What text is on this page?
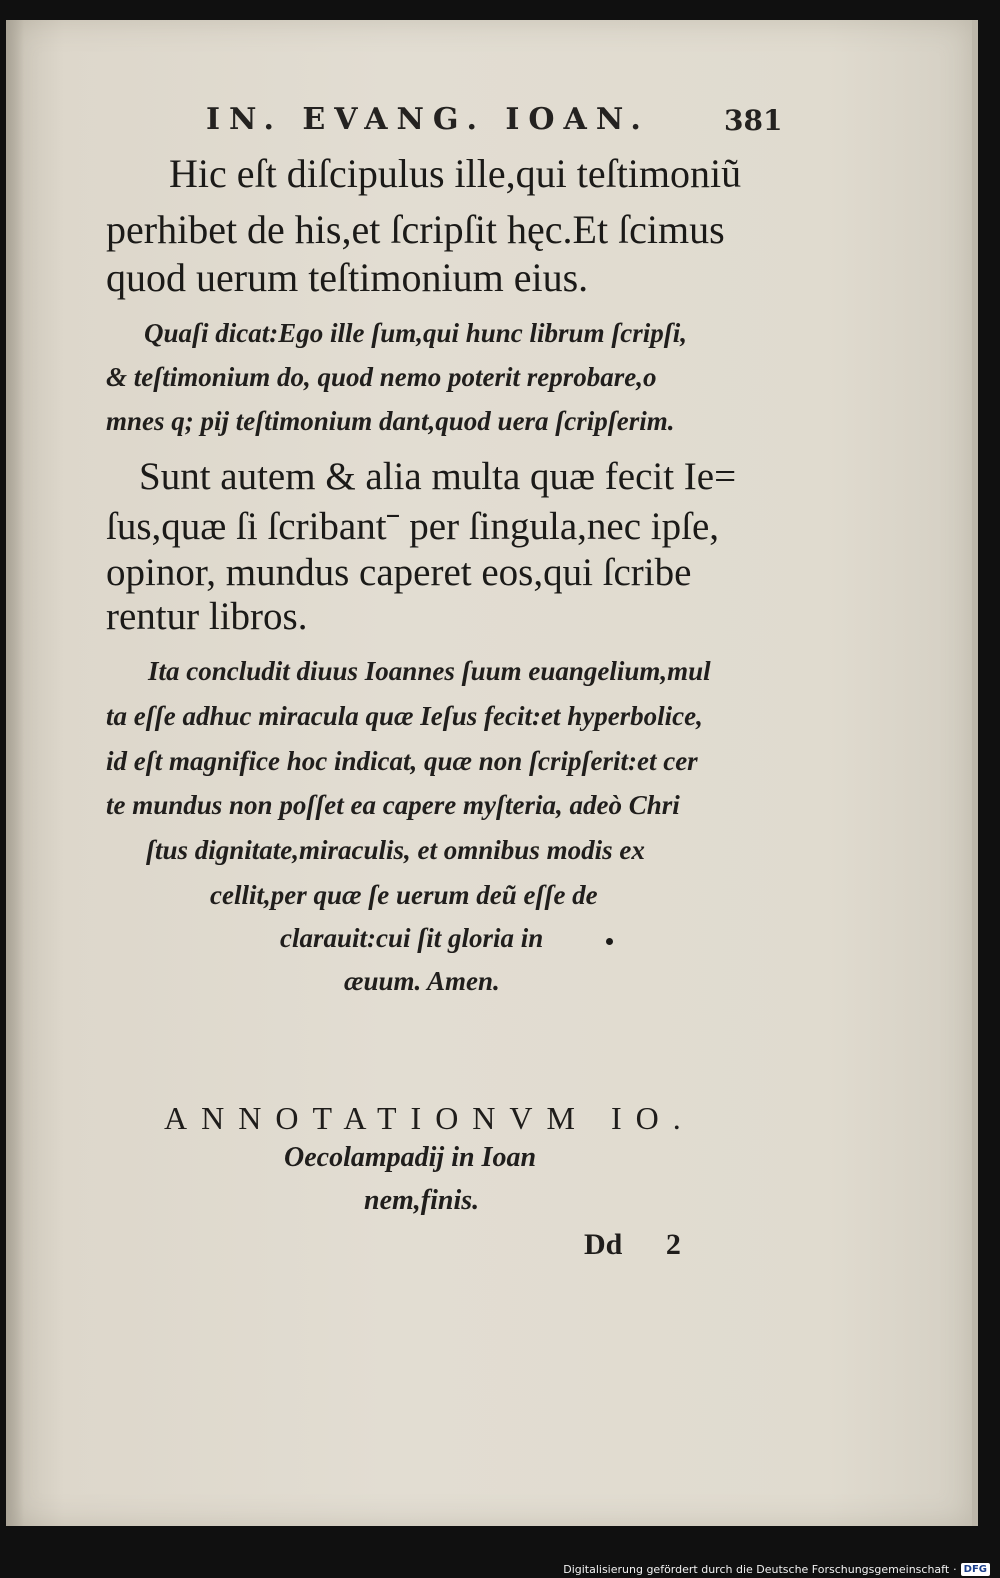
IN. EVANG. IOAN.	381

Hic eſt diſcipulus ille,qui teſtimoniũ

perhibet de his,et ſcripſit hęc.Et ſcimus

quod uerum teſtimonium eius.

Quaſi dicat:Ego ille ſum,qui hunc librum ſcripſi,

& teſtimonium do, quod nemo poterit reprobare,o

mnes q; pij teſtimonium dant,quod uera ſcripſerim.

Sunt autem & alia multa quæ fecit Ie=

ſus,quæ ſi ſcribantˉ per ſingula,nec ipſe,

opinor, mundus caperet eos,qui ſcribe

rentur libros.

Ita concludit diuus Ioannes ſuum euangelium,mul

ta eſſe adhuc miracula quæ Ieſus fecit:et hyperbolice,

id eſt magnifice hoc indicat, quæ non ſcripſerit:et cer

te mundus non poſſet ea capere myſteria, adeò Chri

ſtus dignitate,miraculis, et omnibus modis ex

cellit,per quæ ſe uerum deũ eſſe de

clarauit:cui ſit gloria in

æuum. Amen.

ANNOTATIONVM IO.

Oecolampadij in Ioan

nem,finis.

Dd 2
Digitalisierung gefördert durch die Deutsche Forschungsgemeinschaft · DFG
